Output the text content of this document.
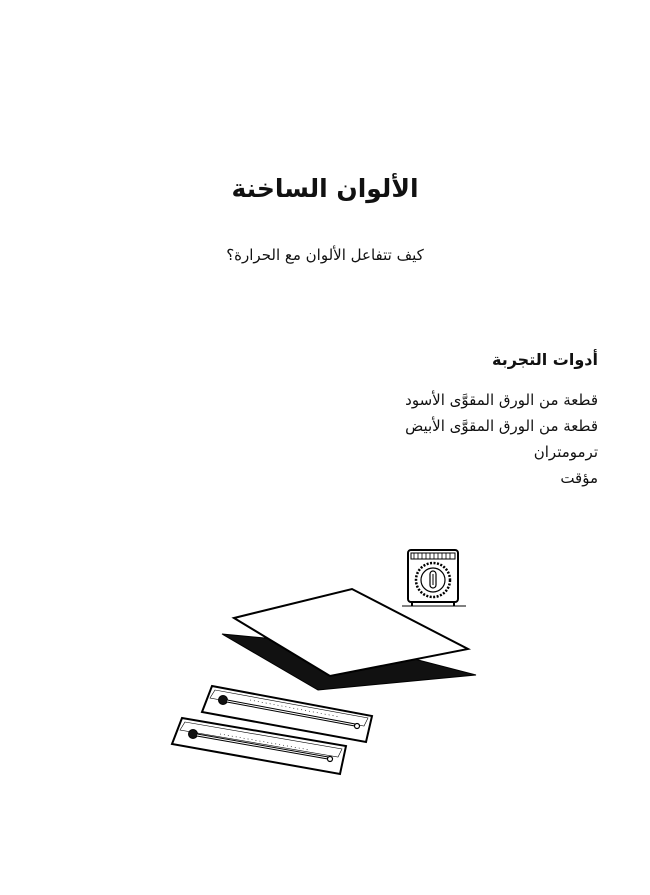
الألوان الساخنة

كيف تتفاعل الألوان مع الحرارة؟

أدوات التجربة
قطعة من الورق المقوَّى الأسود
قطعة من الورق المقوَّى الأبيض
ترمومتران
مؤقت
